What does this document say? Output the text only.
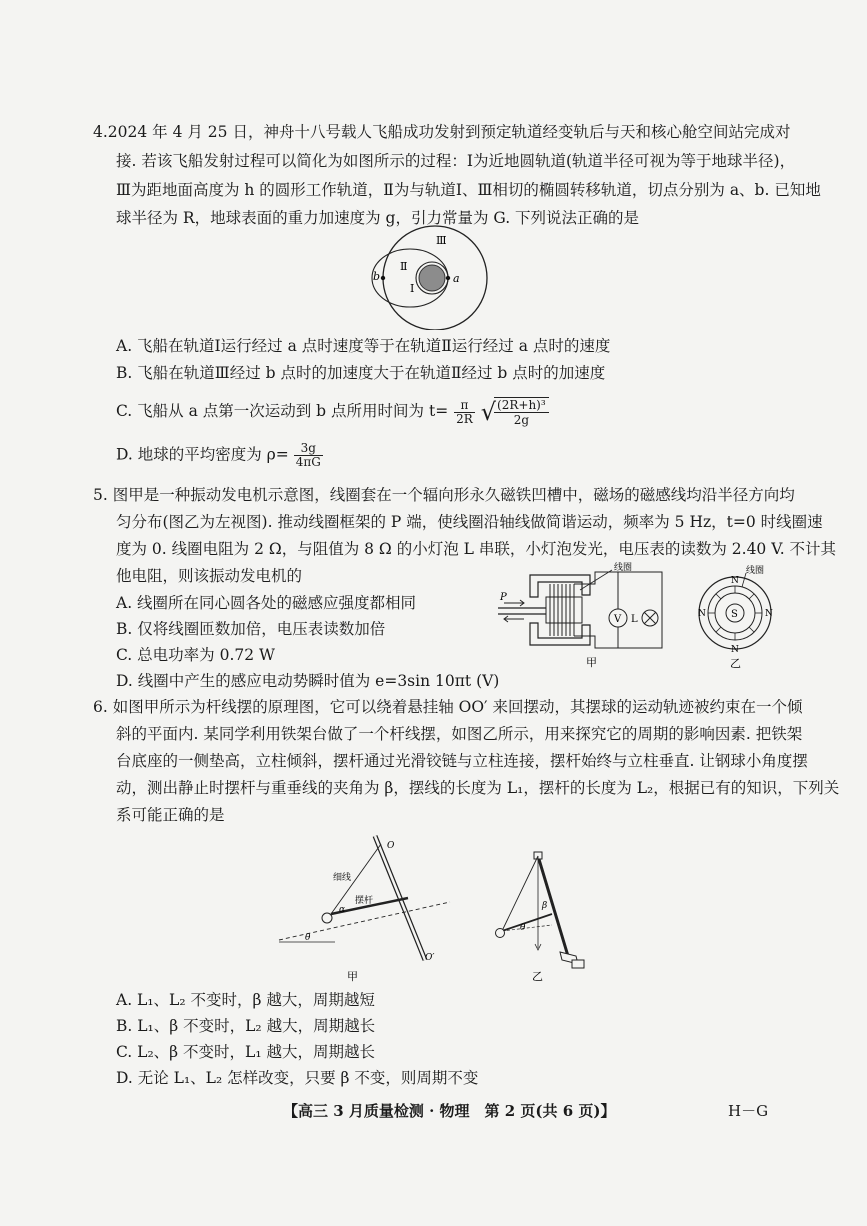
4.2024 年 4 月 25 日，神舟十八号载人飞船成功发射到预定轨道经变轨后与天和核心舱空间站完成对
接. 若该飞船发射过程可以简化为如图所示的过程：Ⅰ为近地圆轨道(轨道半径可视为等于地球半径)，
Ⅲ为距地面高度为 h 的圆形工作轨道，Ⅱ为与轨道Ⅰ、Ⅲ相切的椭圆转移轨道，切点分别为 a、b. 已知地
球半径为 R，地球表面的重力加速度为 g，引力常量为 G. 下列说法正确的是
Ⅲ
Ⅱ
Ⅰ
a
b
A. 飞船在轨道Ⅰ运行经过 a 点时速度等于在轨道Ⅱ运行经过 a 点时的速度
B. 飞船在轨道Ⅲ经过 b 点时的加速度大于在轨道Ⅱ经过 b 点时的加速度
C. 飞船从 a 点第一次运动到 b 点所用时间为 $t= \frac{\pi}{2R}$ √
$\frac{\text{(2R+h)³}}{2g}$
D. 地球的平均密度为 $\rho= \frac{3g}{4\pi G}$
5. 图甲是一种振动发电机示意图，线圈套在一个辐向形永久磁铁凹槽中，磁场的磁感线均沿半径方向均
匀分布(图乙为左视图). 推动线圈框架的 P 端，使线圈沿轴线做简谐运动，频率为 5 Hz，t=0 时线圈速
度为 0. 线圈电阻为 2 Ω，与阻值为 8 Ω 的小灯泡 L 串联，小灯泡发光，电压表的读数为 2.40 V. 不计其
他电阻，则该振动发电机的
A. 线圈所在同心圆各处的磁感应强度都相同
B. 仅将线圈匝数加倍，电压表读数加倍
C. 总电功率为 0.72 W
D. 线圈中产生的感应电动势瞬时值为 e=3sin 10πt (V)
P
V L
线圈
甲
S
N
N
N	N
线圈
乙
6. 如图甲所示为杆线摆的原理图，它可以绕着悬挂轴 OO′ 来回摆动，其摆球的运动轨迹被约束在一个倾
斜的平面内. 某同学利用铁架台做了一个杆线摆，如图乙所示，用来探究它的周期的影响因素. 把铁架
台底座的一侧垫高，立柱倾斜，摆杆通过光滑铰链与立柱连接，摆杆始终与立柱垂直. 让钢球小角度摆
动，测出静止时摆杆与重垂线的夹角为 β，摆线的长度为 L₁，摆杆的长度为 L₂，根据已有的知识，下列关
系可能正确的是
O
O′
细线
摆杆
α
θ
甲
β
θ
乙
A. L₁、L₂ 不变时，β 越大，周期越短
B. L₁、β 不变时，L₂ 越大，周期越长
C. L₂、β 不变时，L₁ 越大，周期越长
D. 无论 L₁、L₂ 怎样改变，只要 β 不变，则周期不变
【高三 3 月质量检测 · 物理　第 2 页(共 6 页)】	H－G
